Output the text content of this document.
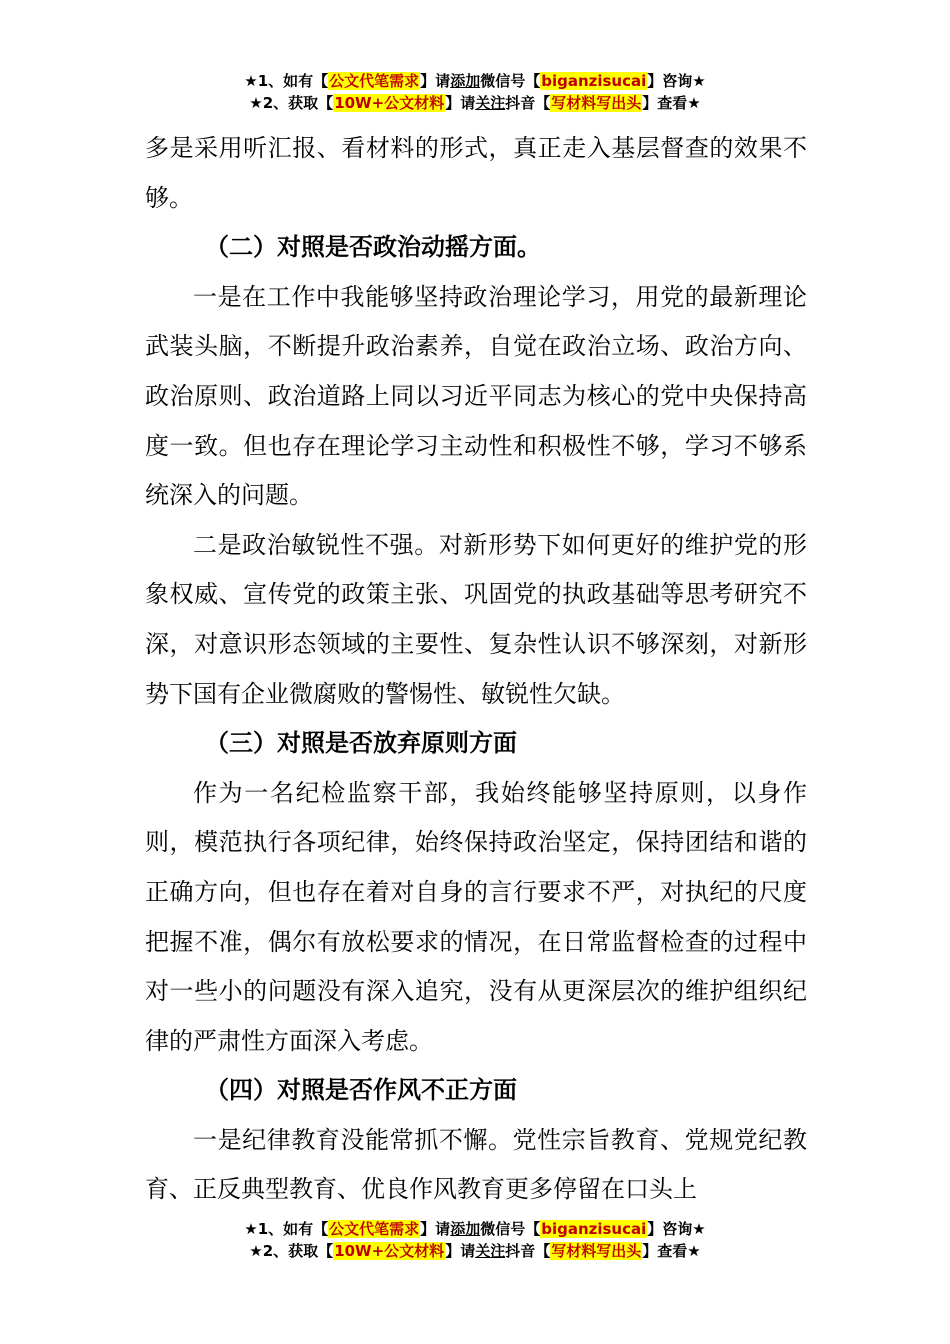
★1、如有【公文代笔需求】请添加微信号【biganzisucai】咨询★
★2、获取【10W+公文材料】请关注抖音【写材料写出头】查看★

多是采用听汇报、看材料的形式，真正走入基层督查的效果不够。

（二）对照是否政治动摇方面。

一是在工作中我能够坚持政治理论学习，用党的最新理论武装头脑，不断提升政治素养，自觉在政治立场、政治方向、政治原则、政治道路上同以习近平同志为核心的党中央保持高度一致。但也存在理论学习主动性和积极性不够，学习不够系统深入的问题。

二是政治敏锐性不强。对新形势下如何更好的维护党的形象权威、宣传党的政策主张、巩固党的执政基础等思考研究不深，对意识形态领域的主要性、复杂性认识不够深刻，对新形势下国有企业微腐败的警惕性、敏锐性欠缺。

（三）对照是否放弃原则方面

作为一名纪检监察干部，我始终能够坚持原则，以身作则，模范执行各项纪律，始终保持政治坚定，保持团结和谐的正确方向，但也存在着对自身的言行要求不严，对执纪的尺度把握不准，偶尔有放松要求的情况，在日常监督检查的过程中对一些小的问题没有深入追究，没有从更深层次的维护组织纪律的严肃性方面深入考虑。

（四）对照是否作风不正方面

一是纪律教育没能常抓不懈。党性宗旨教育、党规党纪教育、正反典型教育、优良作风教育更多停留在口头上

★1、如有【公文代笔需求】请添加微信号【biganzisucai】咨询★
★2、获取【10W+公文材料】请关注抖音【写材料写出头】查看★
